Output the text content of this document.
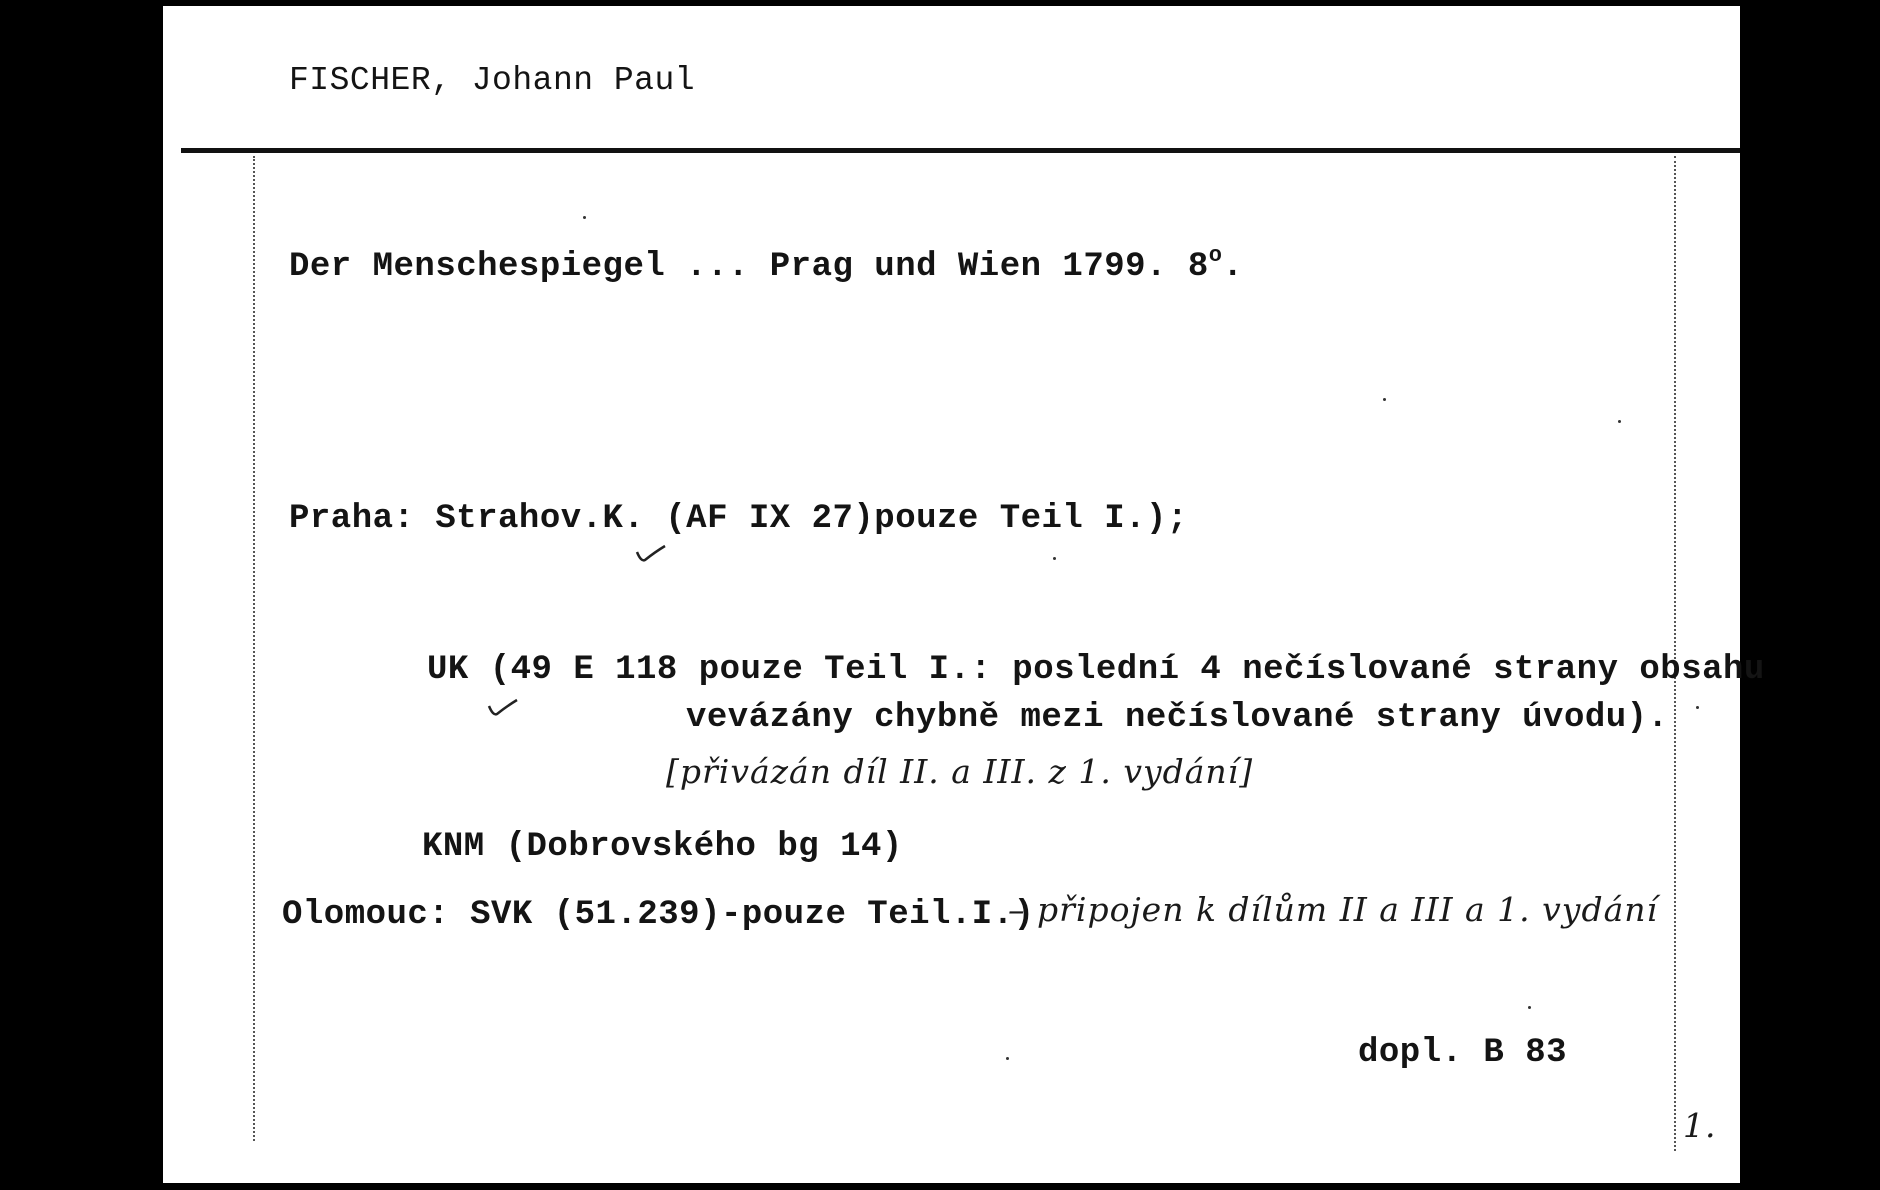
FISCHER, Johann Paul
Der Menschespiegel ... Prag und Wien 1799. 8o.
Praha: Strahov.K. (AF IX 27)pouze Teil I.);
UK (49 E 118 pouze Teil I.: poslední 4 nečíslované strany obsahu
vevázány chybně mezi nečíslované strany úvodu).
[přivázán díl II. a III. z 1. vydání]
KNM (Dobrovského bg 14)
Olomouc: SVK (51.239)-pouze Teil.I.)
– připojen k dílům II a III a 1. vydání
dopl. B 83
1.
